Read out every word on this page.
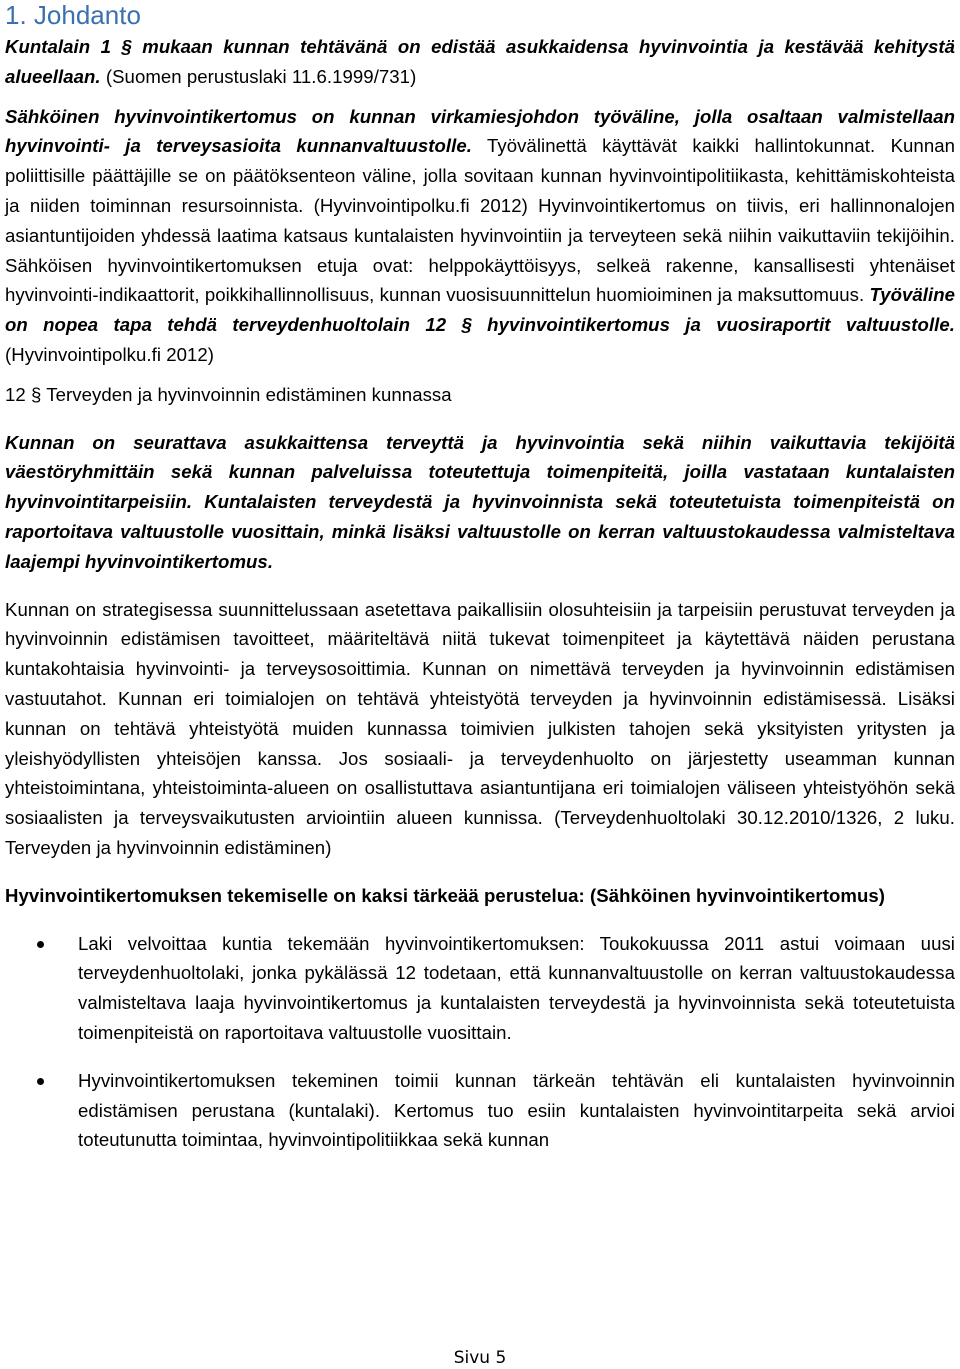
1. Johdanto

Kuntalain 1 § mukaan kunnan tehtävänä on edistää asukkaidensa hyvinvointia ja kestävää kehitystä alueellaan. (Suomen perustuslaki 11.6.1999/731)

Sähköinen hyvinvointikertomus on kunnan virkamiesjohdon työväline, jolla osaltaan valmistellaan hyvinvointi- ja terveysasioita kunnanvaltuustolle. Työvälinettä käyttävät kaikki hallintokunnat. Kunnan poliittisille päättäjille se on päätöksenteon väline, jolla sovitaan kunnan hyvinvointipolitiikasta, kehittämiskohteista ja niiden toiminnan resursoinnista. (Hyvinvointipolku.fi 2012) Hyvinvointikertomus on tiivis, eri hallinnonalojen asiantuntijoiden yhdessä laatima katsaus kuntalaisten hyvinvointiin ja terveyteen sekä niihin vaikuttaviin tekijöihin. Sähköisen hyvinvointikertomuksen etuja ovat: helppokäyttöisyys, selkeä rakenne, kansallisesti yhtenäiset hyvinvointi-indikaattorit, poikkihallinnollisuus, kunnan vuosisuunnittelun huomioiminen ja maksuttomuus. Työväline on nopea tapa tehdä terveydenhuoltolain 12 § hyvinvointikertomus ja vuosiraportit valtuustolle. (Hyvinvointipolku.fi 2012)

12 § Terveyden ja hyvinvoinnin edistäminen kunnassa

Kunnan on seurattava asukkaittensa terveyttä ja hyvinvointia sekä niihin vaikuttavia tekijöitä väestöryhmittäin sekä kunnan palveluissa toteutettuja toimenpiteitä, joilla vastataan kuntalaisten hyvinvointitarpeisiin. Kuntalaisten terveydestä ja hyvinvoinnista sekä toteutetuista toimenpiteistä on raportoitava valtuustolle vuosittain, minkä lisäksi valtuustolle on kerran valtuustokaudessa valmisteltava laajempi hyvinvointikertomus.

Kunnan on strategisessa suunnittelussaan asetettava paikallisiin olosuhteisiin ja tarpeisiin perustuvat terveyden ja hyvinvoinnin edistämisen tavoitteet, määriteltävä niitä tukevat toimenpiteet ja käytettävä näiden perustana kuntakohtaisia hyvinvointi- ja terveysosoittimia. Kunnan on nimettävä terveyden ja hyvinvoinnin edistämisen vastuutahot. Kunnan eri toimialojen on tehtävä yhteistyötä terveyden ja hyvinvoinnin edistämisessä. Lisäksi kunnan on tehtävä yhteistyötä muiden kunnassa toimivien julkisten tahojen sekä yksityisten yritysten ja yleishyödyllisten yhteisöjen kanssa. Jos sosiaali- ja terveydenhuolto on järjestetty useamman kunnan yhteistoimintana, yhteistoiminta-alueen on osallistuttava asiantuntijana eri toimialojen väliseen yhteistyöhön sekä sosiaalisten ja terveysvaikutusten arviointiin alueen kunnissa. (Terveydenhuoltolaki 30.12.2010/1326, 2 luku. Terveyden ja hyvinvoinnin edistäminen)

Hyvinvointikertomuksen tekemiselle on kaksi tärkeää perustelua: (Sähköinen hyvinvointikertomus)

Laki velvoittaa kuntia tekemään hyvinvointikertomuksen: Toukokuussa 2011 astui voimaan uusi terveydenhuoltolaki, jonka pykälässä 12 todetaan, että kunnanvaltuustolle on kerran valtuustokaudessa valmisteltava laaja hyvinvointikertomus ja kuntalaisten terveydestä ja hyvinvoinnista sekä toteutetuista toimenpiteistä on raportoitava valtuustolle vuosittain.
Hyvinvointikertomuksen tekeminen toimii kunnan tärkeän tehtävän eli kuntalaisten hyvinvoinnin edistämisen perustana (kuntalaki). Kertomus tuo esiin kuntalaisten hyvinvointitarpeita sekä arvioi toteutunutta toimintaa, hyvinvointipolitiikkaa sekä kunnan
Sivu 5
